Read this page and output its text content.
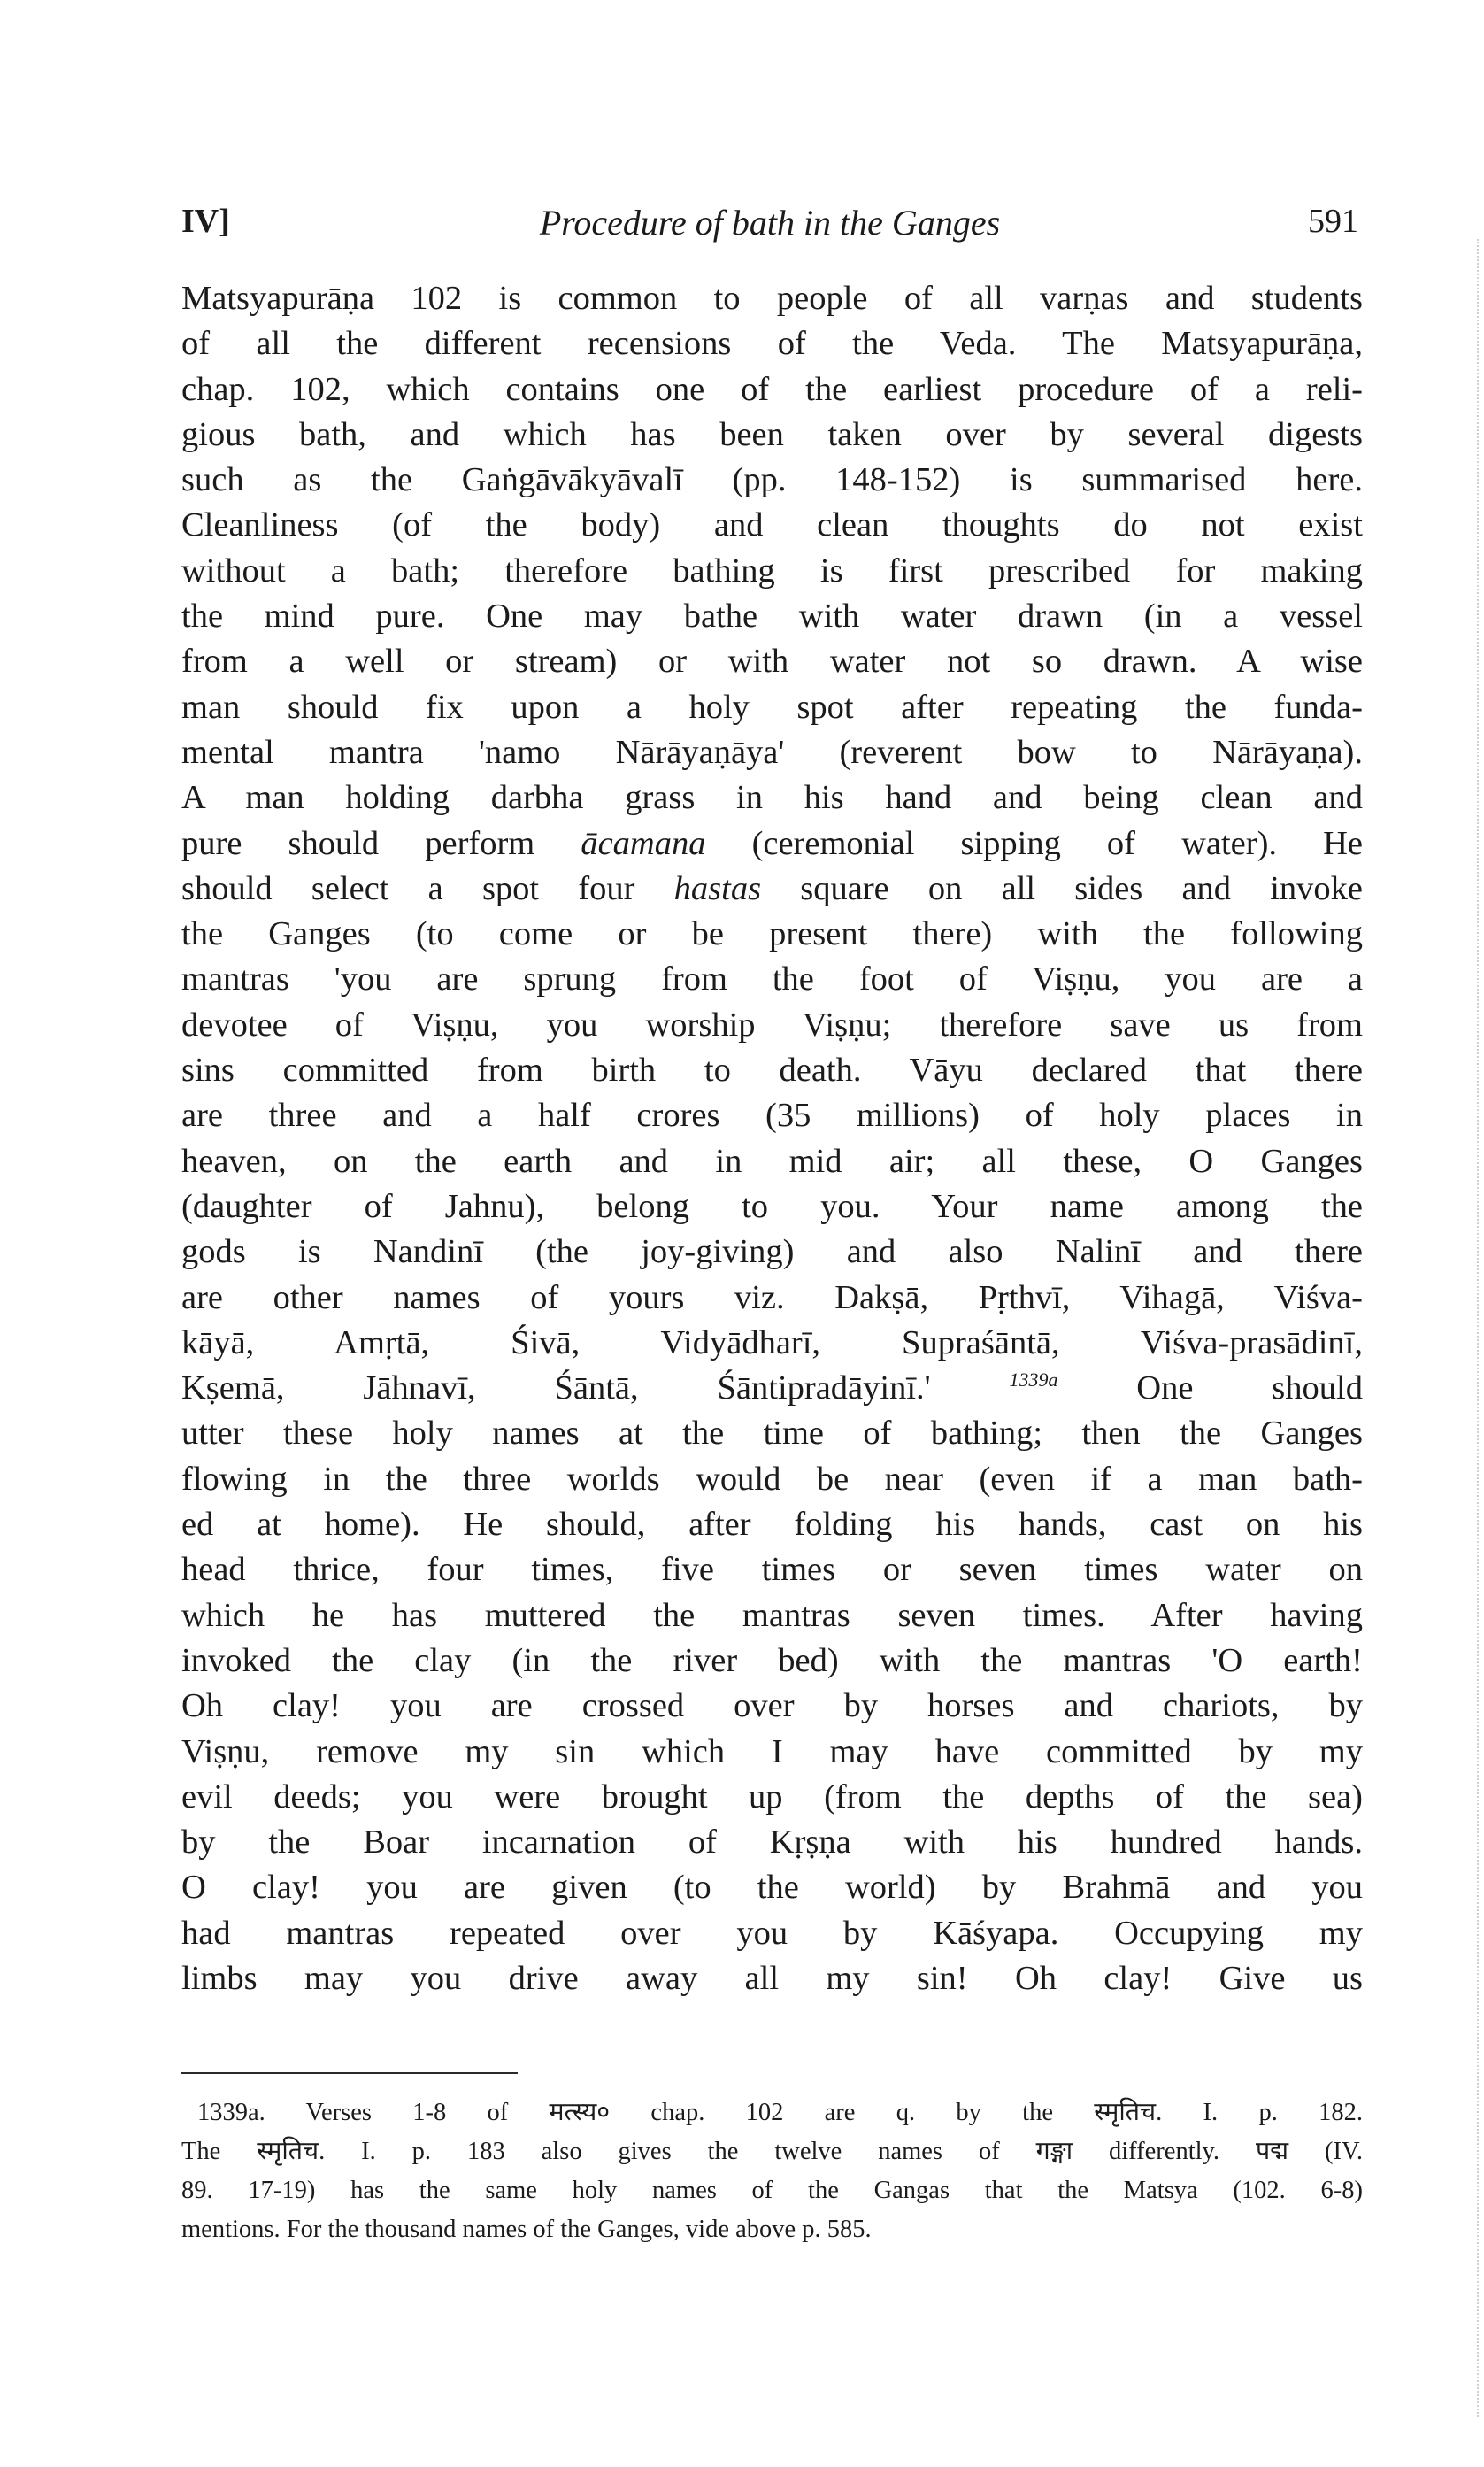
IV]	Procedure of bath in the Ganges	591
Matsyapurāṇa 102 is common to people of all varṇas and students
of all the different recensions of the Veda. The Matsyapurāṇa,
chap. 102, which contains one of the earliest procedure of a reli-
gious bath, and which has been taken over by several digests
such as the Gaṅgāvākyāvalī (pp. 148-152) is summarised here.
Cleanliness (of the body) and clean thoughts do not exist
without a bath; therefore bathing is first prescribed for making
the mind pure. One may bathe with water drawn (in a vessel
from a well or stream) or with water not so drawn. A wise
man should fix upon a holy spot after repeating the funda-
mental mantra 'namo Nārāyaṇāya' (reverent bow to Nārāyaṇa).
A man holding darbha grass in his hand and being clean and
pure should perform ācamana (ceremonial sipping of water). He
should select a spot four hastas square on all sides and invoke
the Ganges (to come or be present there) with the following
mantras 'you are sprung from the foot of Viṣṇu, you are a
devotee of Viṣṇu, you worship Viṣṇu; therefore save us from
sins committed from birth to death. Vāyu declared that there
are three and a half crores (35 millions) of holy places in
heaven, on the earth and in mid air; all these, O Ganges
(daughter of Jahnu), belong to you. Your name among the
gods is Nandinī (the joy-giving) and also Nalinī and there
are other names of yours viz. Dakṣā, Pṛthvī, Vihagā, Viśva-
kāyā, Amṛtā, Śivā, Vidyādharī, Supraśāntā, Viśva-prasādinī,
Kṣemā, Jāhnavī, Śāntā, Śāntipradāyinī.'	$^{1339a}$ One should
utter these holy names at the time of bathing; then the Ganges
flowing in the three worlds would be near (even if a man bath-
ed at home). He should, after folding his hands, cast on his
head thrice, four times, five times or seven times water on
which he has muttered the mantras seven times. After having
invoked the clay (in the river bed) with the mantras 'O earth!
Oh clay! you are crossed over by horses and chariots, by
Viṣṇu, remove my sin which I may have committed by my
evil deeds; you were brought up (from the depths of the sea)
by the Boar incarnation of Kṛṣṇa with his hundred hands.
O clay! you are given (to the world) by Brahmā and you
had mantras repeated over you by Kāśyapa. Occupying my
limbs may you drive away all my sin! Oh clay! Give us
1339a. Verses 1-8 of मत्स्य० chap. 102 are q. by the स्मृतिच. I. p. 182.
The स्मृतिच. I. p. 183 also gives the twelve names of गङ्गा differently. पद्म (IV.
89. 17-19) has the same holy names of the Gangas that the Matsya (102. 6-8)
mentions. For the thousand names of the Ganges, vide above p. 585.
